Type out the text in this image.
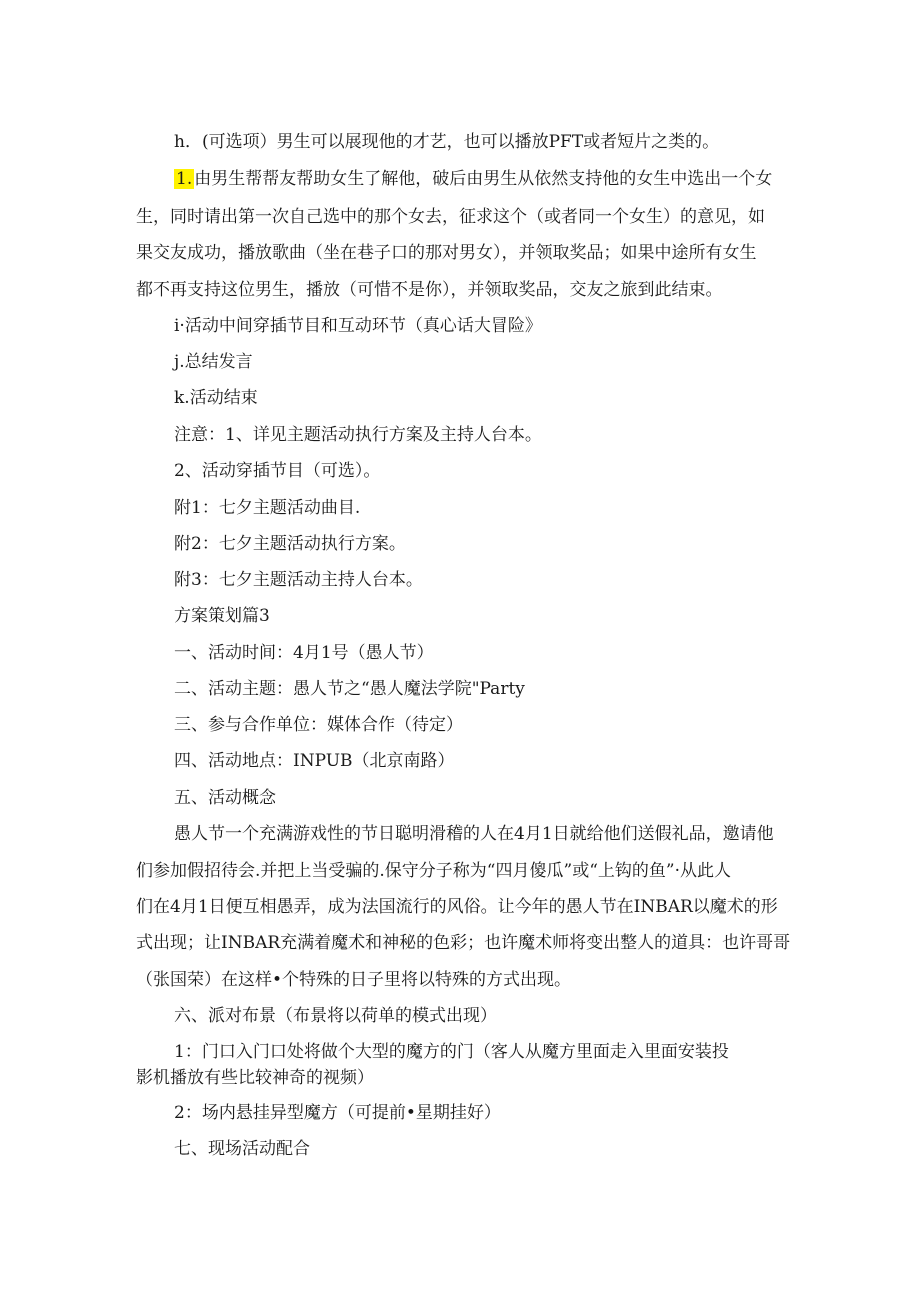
h．(可选项）男生可以展现他的才艺，也可以播放PFT或者短片之类的。
1. 由男生帮帮友帮助女生了解他，破后由男生从依然支持他的女生中选出一个女
生，同时请出第一次自己选中的那个女去，征求这个（或者同一个女生）的意见，如
果交友成功，播放歌曲（坐在巷子口的那对男女），并领取奖品；如果中途所有女生
都不再支持这位男生，播放（可惜不是你），并领取奖品，交友之旅到此结束。
i·活动中间穿插节目和互动环节（真心话大冒险》
j.总结发言
k.活动结束
注意：1、详见主题活动执行方案及主持人台本。
2、活动穿插节目（可选）。
附1：七夕主题活动曲目.
附2：七夕主题活动执行方案。
附3：七夕主题活动主持人台本。
方案策划篇3
一、活动时间：4月1号（愚人节）
二、活动主题：愚人节之“愚人魔法学院"Party
三、参与合作单位：媒体合作（待定）
四、活动地点：INPUB（北京南路）
五、活动概念
愚人节一个充满游戏性的节日聪明滑稽的人在4月1日就给他们送假礼品，邀请他
们参加假招待会.并把上当受骗的.保守分子称为“四月傻瓜”或“上钩的鱼”·从此人
们在4月1日便互相愚弄，成为法国流行的风俗。让今年的愚人节在INBAR以魔术的形
式出现；让INBAR充满着魔术和神秘的色彩；也许魔术师将变出整人的道具：也许哥哥
（张国荣）在这样•个特殊的日子里将以特殊的方式出现。
六、派对布景（布景将以荷单的模式出现）
1：门口入门口处将做个大型的魔方的门（客人从魔方里面走入里面安装投
影机播放有些比较神奇的视频）
2：场内悬挂异型魔方（可提前•星期挂好）
七、现场活动配合
